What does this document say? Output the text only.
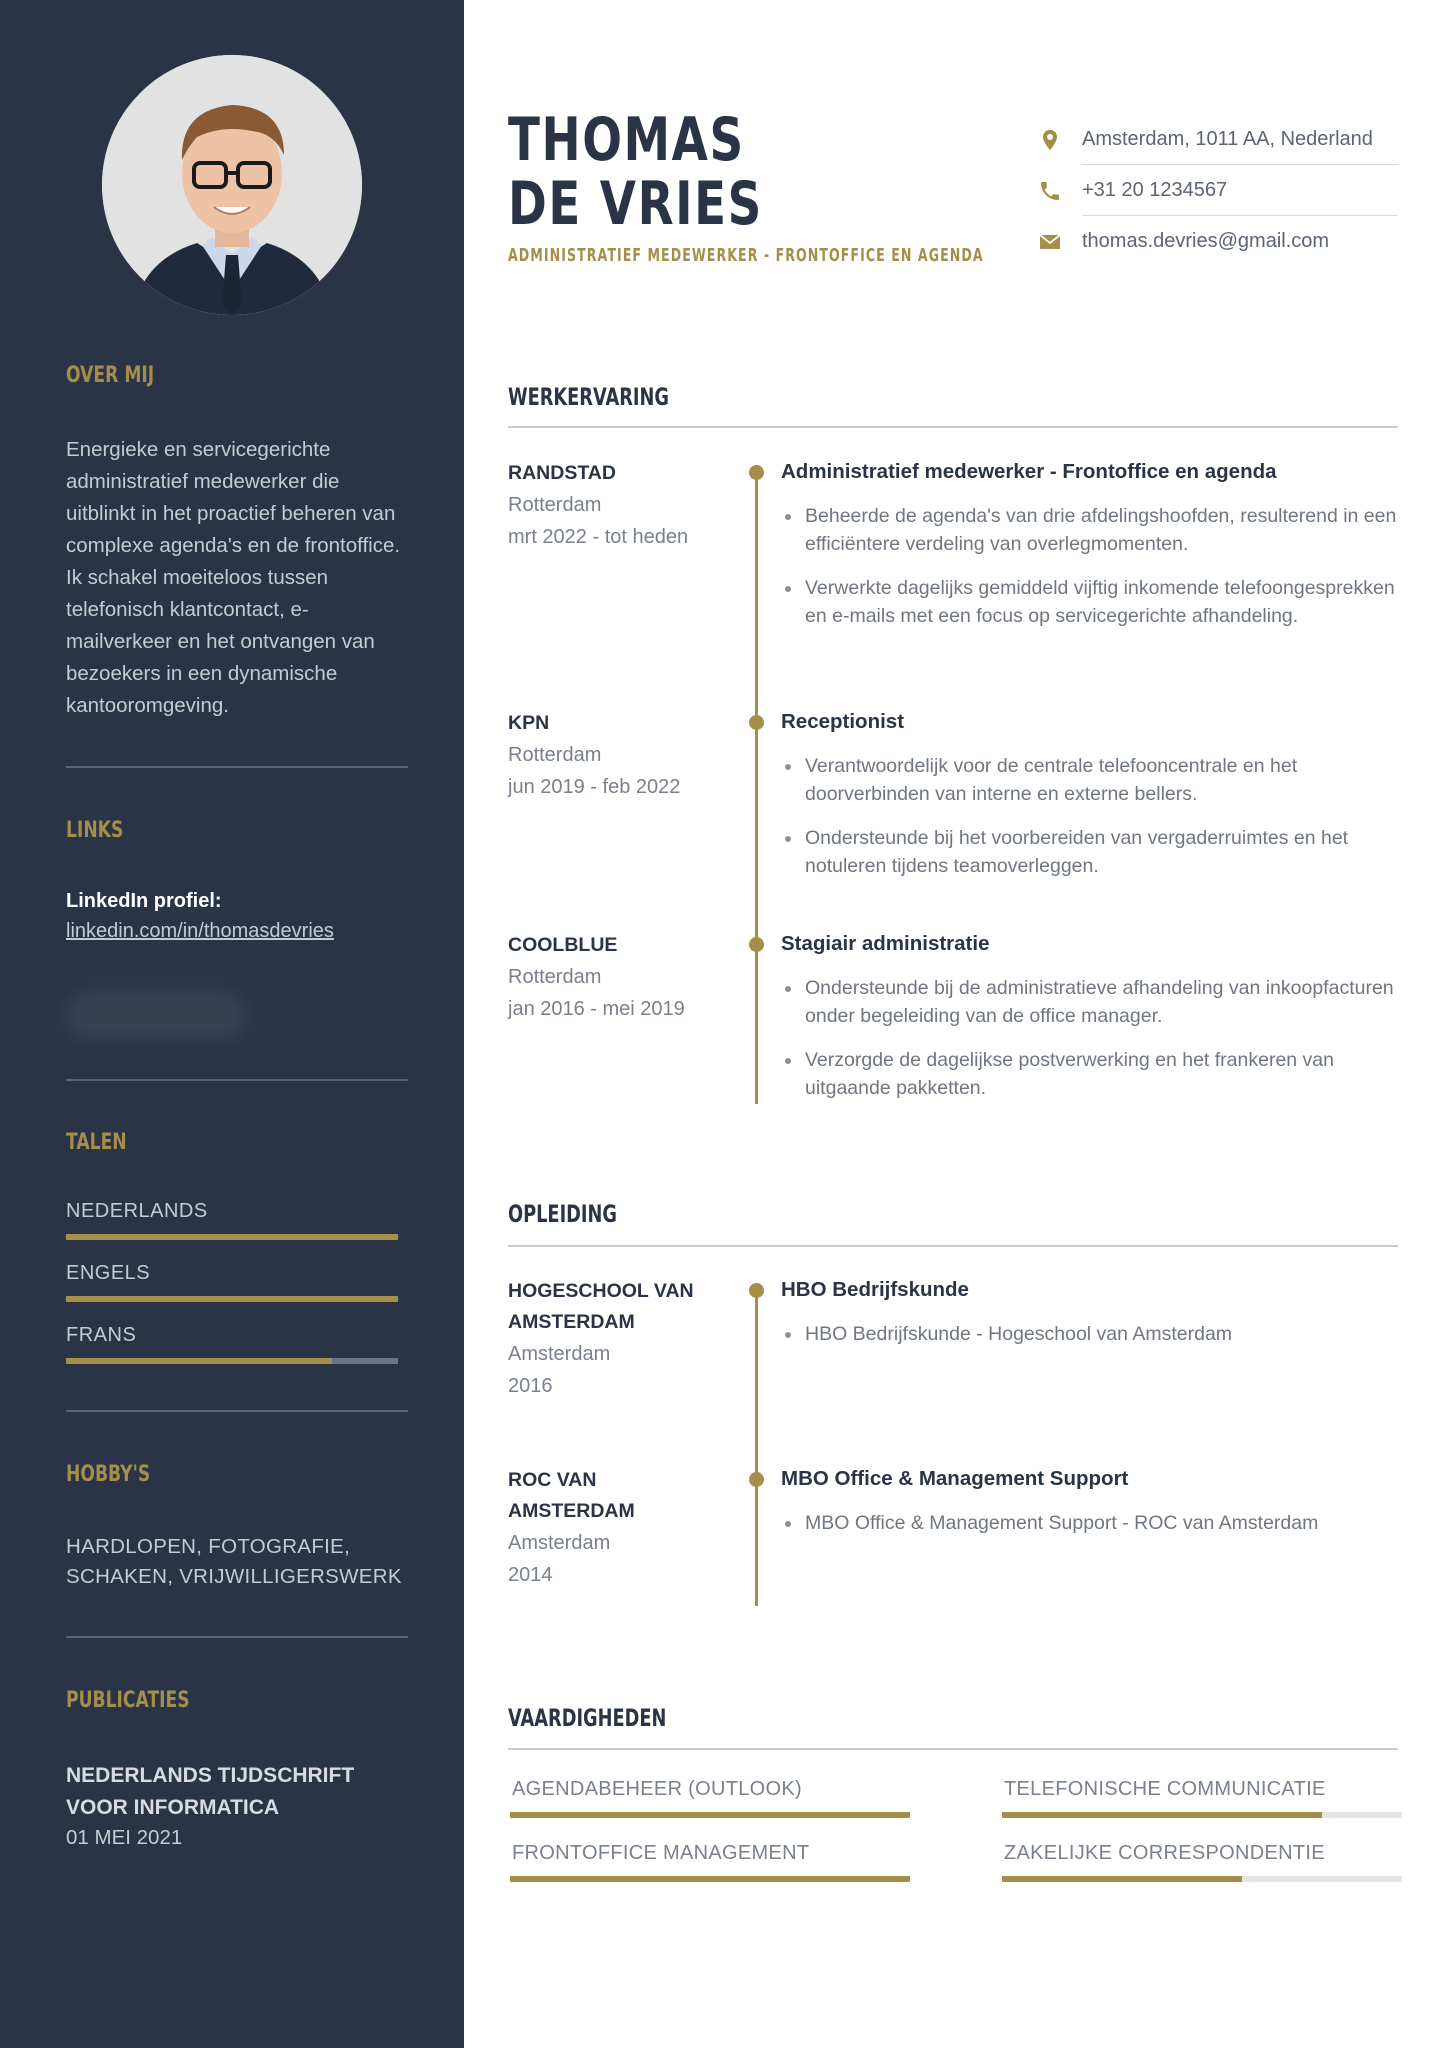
OVER MIJ

Energieke en servicegerichte administratief medewerker die uitblinkt in het proactief beheren van complexe agenda's en de frontoffice. Ik schakel moeiteloos tussen telefonisch klantcontact, e-mailverkeer en het ontvangen van bezoekers in een dynamische kantooromgeving.

LINKS
LinkedIn profiel:
linkedin.com/in/thomasdevries
TALEN
NEDERLANDS
ENGELS
FRANS
HOBBY'S

HARDLOPEN, FOTOGRAFIE, SCHAKEN, VRIJWILLIGERSWERK

PUBLICATIES
NEDERLANDS TIJDSCHRIFT VOOR INFORMATICA
01 MEI 2021
THOMAS
DE VRIES
ADMINISTRATIEF MEDEWERKER - FRONTOFFICE EN AGENDA
Amsterdam, 1011 AA, Nederland
+31 20 1234567
thomas.devries@gmail.com
WERKERVARING
RANDSTAD
Rotterdam
mrt 2022 - tot heden
Administratief medewerker - Frontoffice en agenda
Beheerde de agenda's van drie afdelingshoofden, resulterend in een efficiëntere verdeling van overlegmomenten.
Verwerkte dagelijks gemiddeld vijftig inkomende telefoongesprekken en e-mails met een focus op servicegerichte afhandeling.
KPN
Rotterdam
jun 2019 - feb 2022
Receptionist
Verantwoordelijk voor de centrale telefooncentrale en het doorverbinden van interne en externe bellers.
Ondersteunde bij het voorbereiden van vergaderruimtes en het notuleren tijdens teamoverleggen.
COOLBLUE
Rotterdam
jan 2016 - mei 2019
Stagiair administratie
Ondersteunde bij de administratieve afhandeling van inkoopfacturen onder begeleiding van de office manager.
Verzorgde de dagelijkse postverwerking en het frankeren van uitgaande pakketten.
OPLEIDING
HOGESCHOOL VAN AMSTERDAM
Amsterdam
2016
HBO Bedrijfskunde
HBO Bedrijfskunde - Hogeschool van Amsterdam
ROC VAN AMSTERDAM
Amsterdam
2014
MBO Office & Management Support
MBO Office & Management Support - ROC van Amsterdam
VAARDIGHEDEN
AGENDABEHEER (OUTLOOK)	TELEFONISCHE COMMUNICATIE
FRONTOFFICE MANAGEMENT	ZAKELIJKE CORRESPONDENTIE
